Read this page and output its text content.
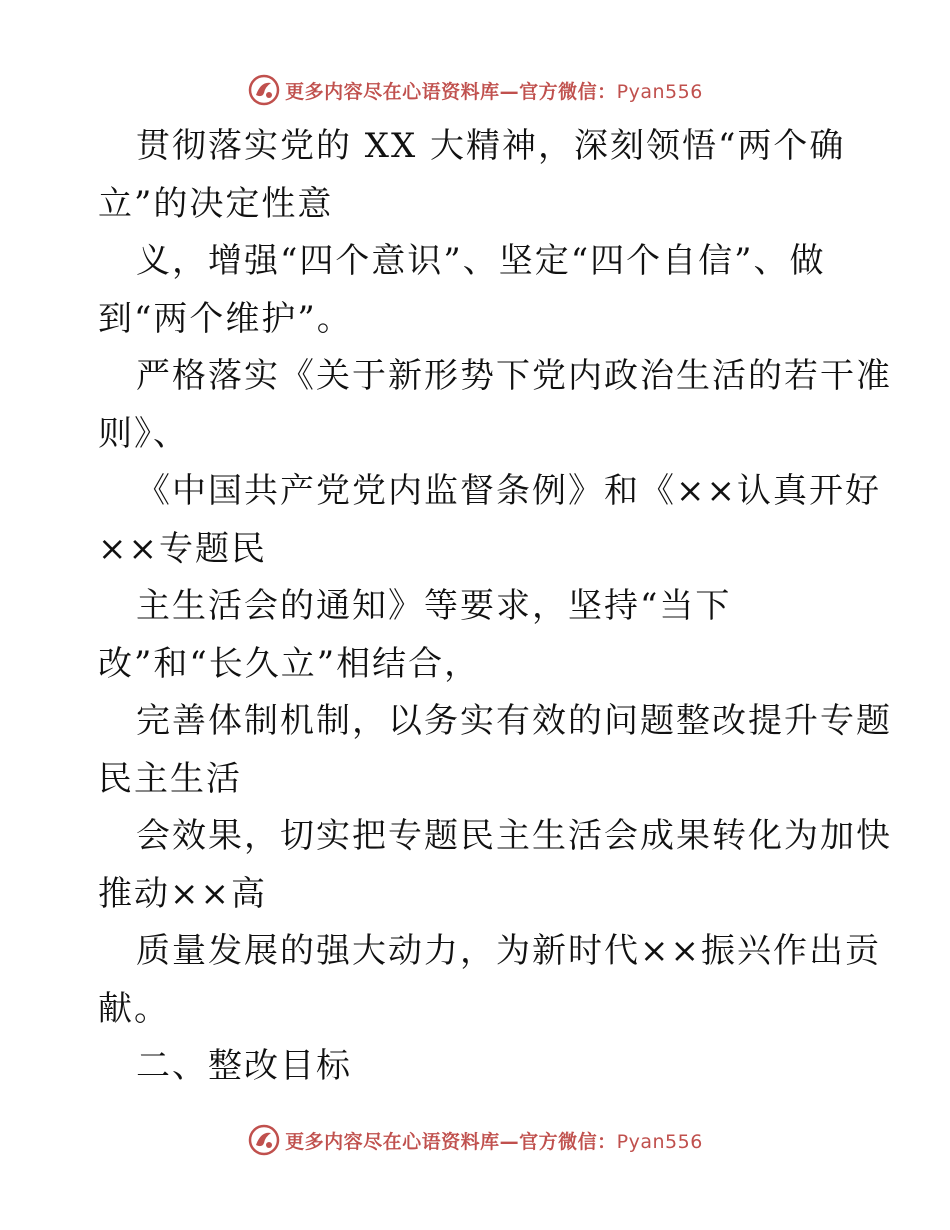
更多内容尽在心语资料库—官方微信：Pyan556
贯彻落实党的 XX 大精神，深刻领悟“两个确
立”的决定性意
义，增强“四个意识”、坚定“四个自信”、做
到“两个维护”。
严格落实《关于新形势下党内政治生活的若干准
则》、
《中国共产党党内监督条例》和《××认真开好
××专题民
主生活会的通知》等要求，坚持“当下
改”和“长久立”相结合，
完善体制机制，以务实有效的问题整改提升专题
民主生活
会效果，切实把专题民主生活会成果转化为加快
推动××高
质量发展的强大动力，为新时代××振兴作出贡
献。
二、整改目标
更多内容尽在心语资料库—官方微信：Pyan556
